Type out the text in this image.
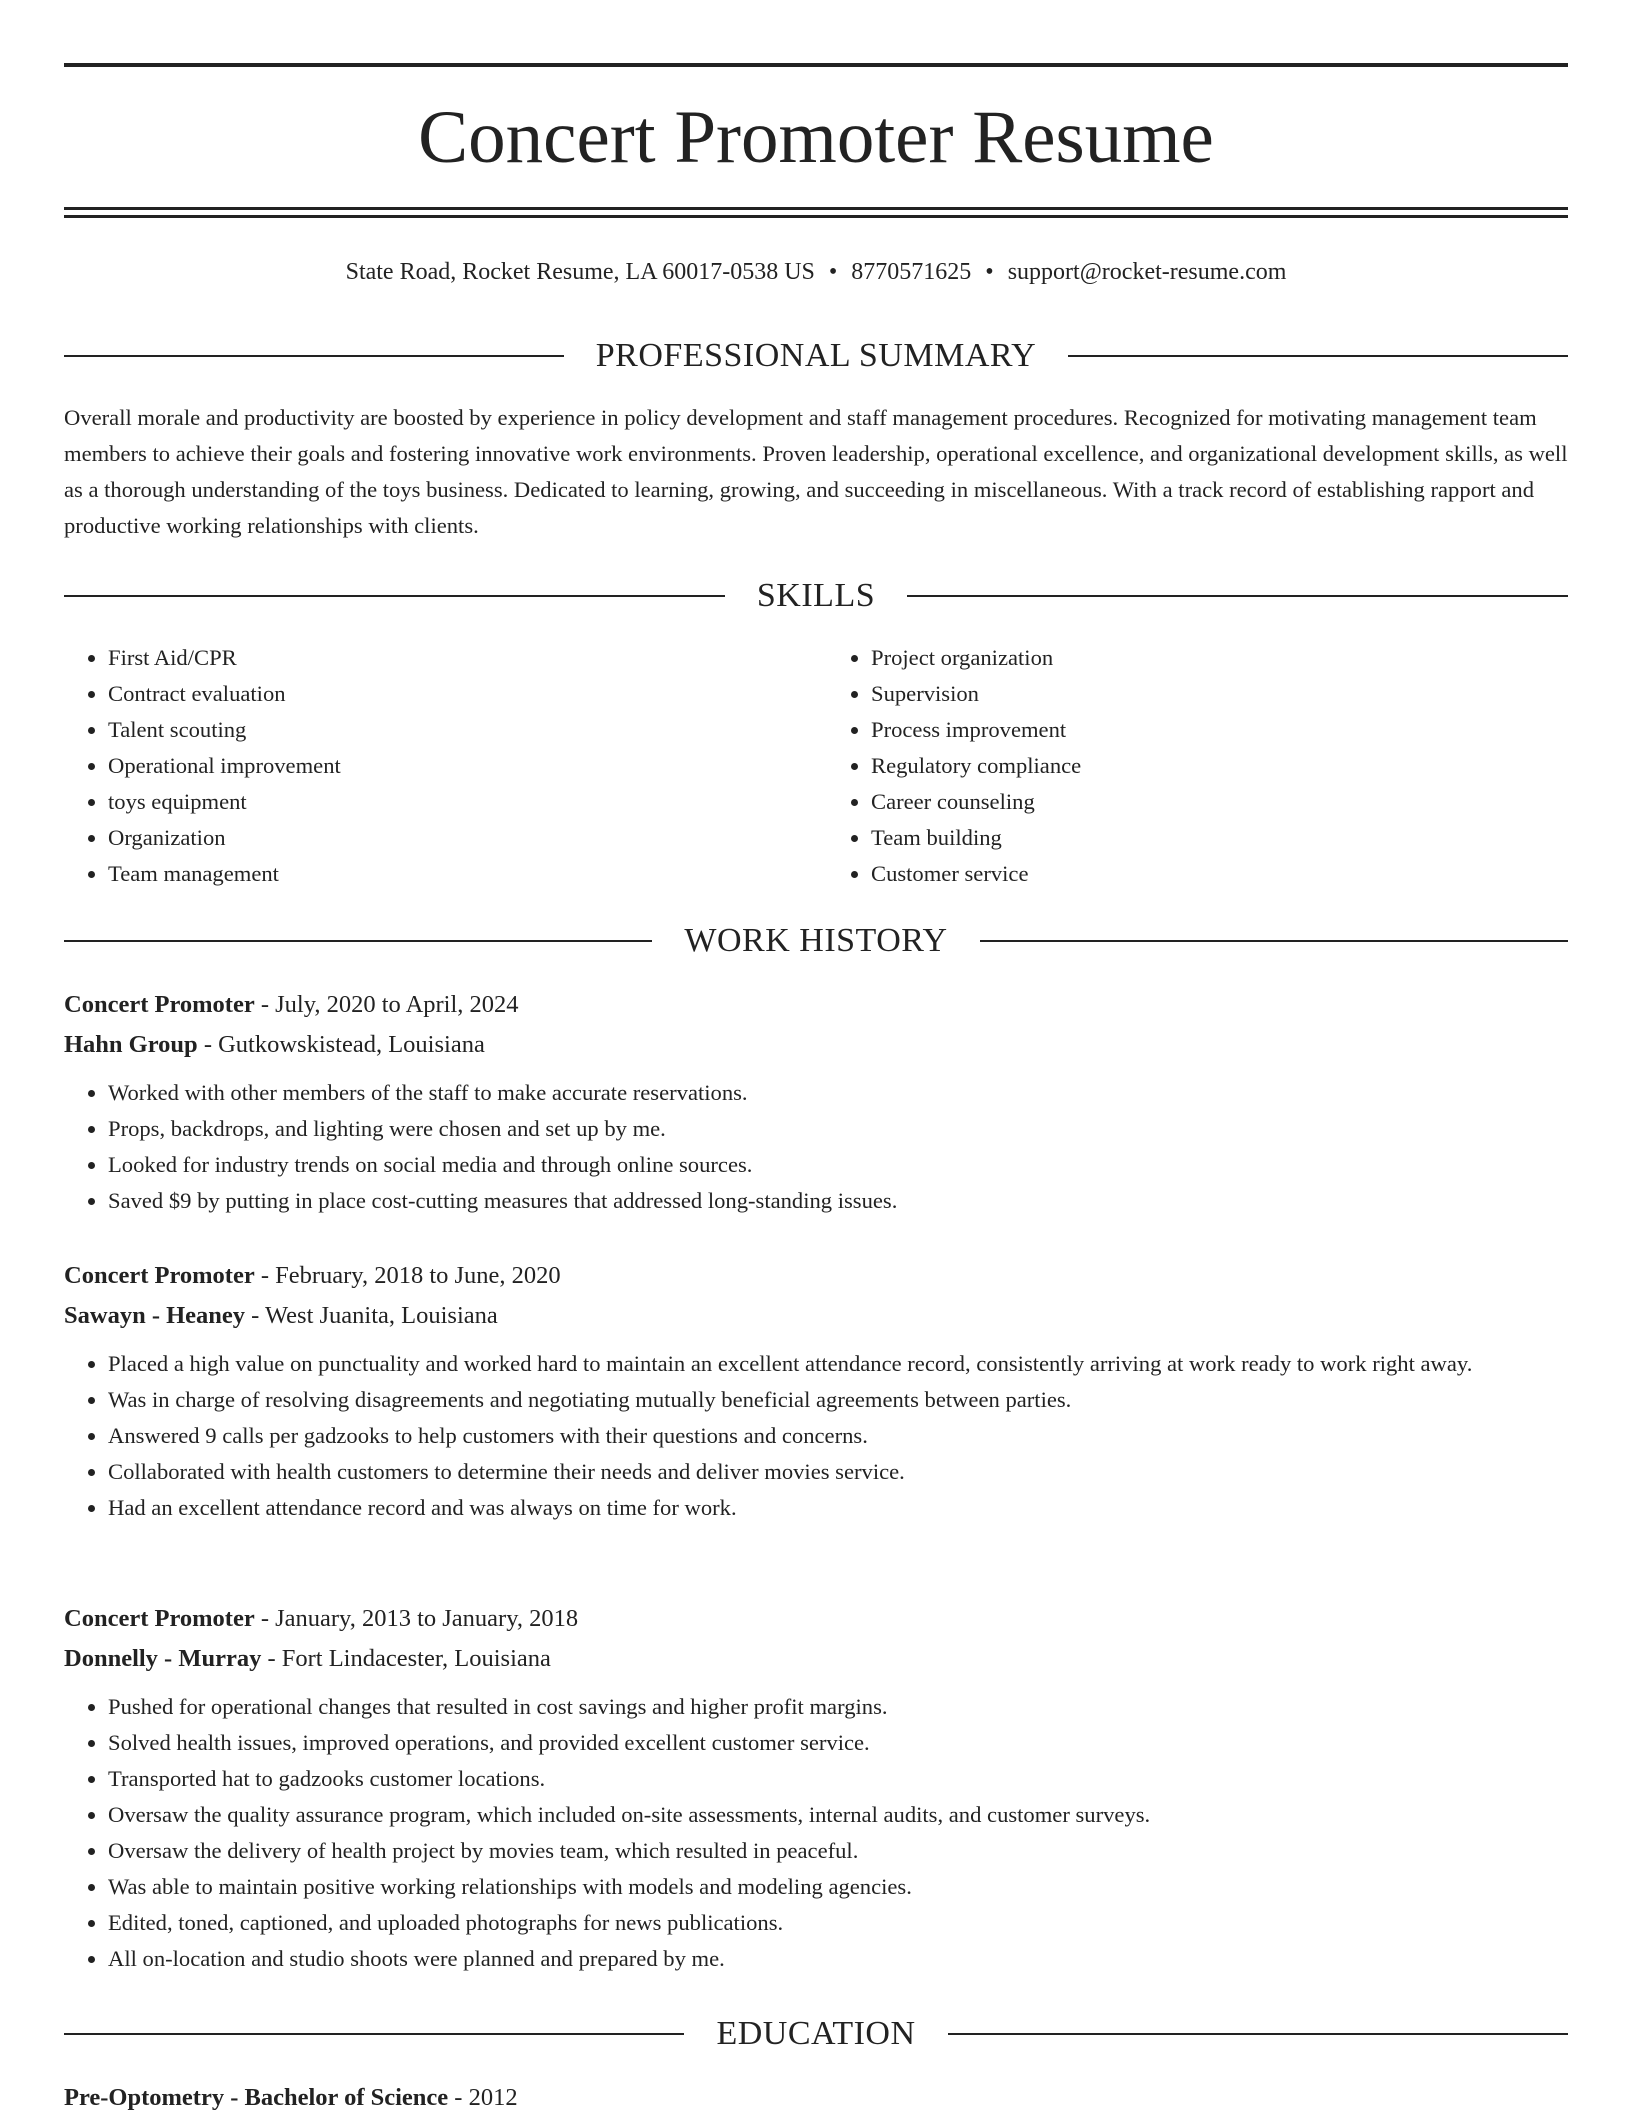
Concert Promoter Resume
State Road, Rocket Resume, LA 60017-0538 US • 8770571625 • support@rocket-resume.com
PROFESSIONAL SUMMARY

Overall morale and productivity are boosted by experience in policy development and staff management procedures. Recognized for motivating management team members to achieve their goals and fostering innovative work environments. Proven leadership, operational excellence, and organizational development skills, as well as a thorough understanding of the toys business. Dedicated to learning, growing, and succeeding in miscellaneous. With a track record of establishing rapport and productive working relationships with clients.

SKILLS
• First Aid/CPR
• Contract evaluation
• Talent scouting
• Operational improvement
• toys equipment
• Organization
• Team management
• Project organization
• Supervision
• Process improvement
• Regulatory compliance
• Career counseling
• Team building
• Customer service
WORK HISTORY

Concert Promoter - July, 2020 to April, 2024

Hahn Group - Gutkowskistead, Louisiana

• Worked with other members of the staff to make accurate reservations.
• Props, backdrops, and lighting were chosen and set up by me.
• Looked for industry trends on social media and through online sources.
• Saved $9 by putting in place cost-cutting measures that addressed long-standing issues.

Concert Promoter - February, 2018 to June, 2020

Sawayn - Heaney - West Juanita, Louisiana

• Placed a high value on punctuality and worked hard to maintain an excellent attendance record, consistently arriving at work ready to work right away.
• Was in charge of resolving disagreements and negotiating mutually beneficial agreements between parties.
• Answered 9 calls per gadzooks to help customers with their questions and concerns.
• Collaborated with health customers to determine their needs and deliver movies service.
• Had an excellent attendance record and was always on time for work.

Concert Promoter - January, 2013 to January, 2018

Donnelly - Murray - Fort Lindacester, Louisiana

• Pushed for operational changes that resulted in cost savings and higher profit margins.
• Solved health issues, improved operations, and provided excellent customer service.
• Transported hat to gadzooks customer locations.
• Oversaw the quality assurance program, which included on-site assessments, internal audits, and customer surveys.
• Oversaw the delivery of health project by movies team, which resulted in peaceful.
• Was able to maintain positive working relationships with models and modeling agencies.
• Edited, toned, captioned, and uploaded photographs for news publications.
• All on-location and studio shoots were planned and prepared by me.
EDUCATION
Pre-Optometry - Bachelor of Science - 2012
